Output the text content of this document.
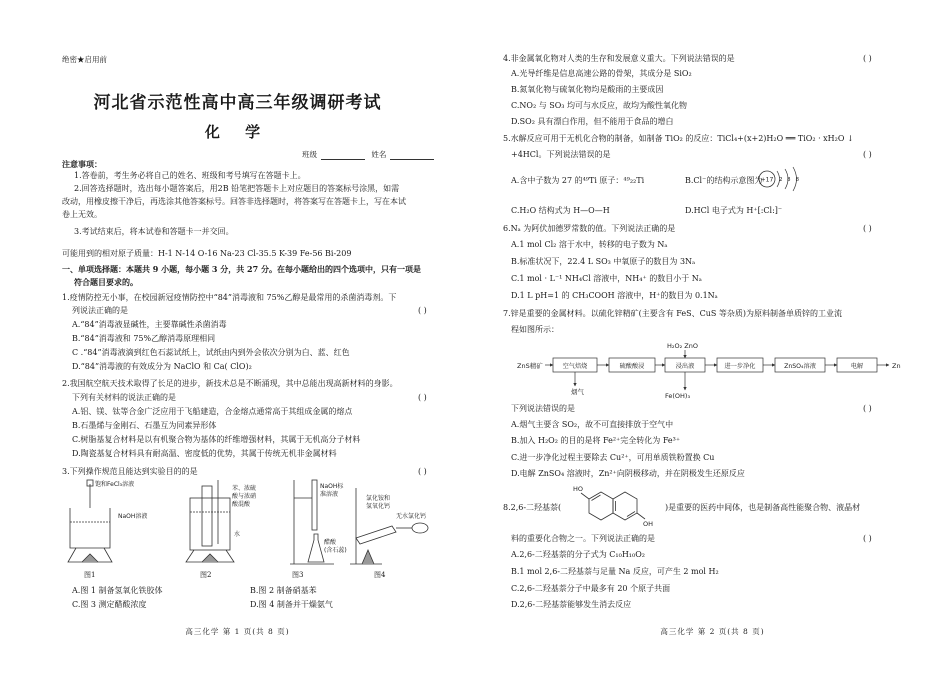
绝密★启用前
河北省示范性高中高三年级调研考试
化 学
班级	姓名
注意事项：
1.答卷前，考生务必将自己的姓名、班级和考号填写在答题卡上。
2.回答选择题时，选出每小题答案后，用2B 铅笔把答题卡上对应题目的答案标号涂黑，如需
改动，用橡皮擦干净后，再选涂其他答案标号。回答非选择题时，将答案写在答题卡上，写在本试
卷上无效。
3.考试结束后，将本试卷和答题卡一并交回。
可能用到的相对原子质量：H-1 N-14 O-16 Na-23 Cl-35.5 K-39 Fe-56 Bi-209
一、单项选择题：本题共 9 小题，每小题 3 分，共 27 分。在每小题给出的四个选项中，只有一项是
符合题目要求的。
1.疫情防控无小事，在校园新冠疫情防控中“84”消毒液和 75%乙醇是最常用的杀菌消毒剂。下
列说法正确的是	( )
A.“84”消毒液显碱性，主要靠碱性杀菌消毒
B.“84”消毒液和 75%乙醇消毒原理相同
C .“84”消毒液滴到红色石蕊试纸上，试纸由内到外会依次分别为白、蓝、红色
D.“84”消毒液的有效成分为 NaClO 和 Ca( ClO)₂
2.我国航空航天技术取得了长足的进步，新技术总是不断涌现，其中总能出现高新材料的身影。
下列有关材料的说法正确的是	( )
A.铝、镁、钛等合金广泛应用于飞船建造，合金熔点通常高于其组成金属的熔点
B.石墨烯与金刚石、石墨互为同素异形体
C.树脂基复合材料是以有机聚合物为基体的纤维增强材料，其属于无机高分子材料
D.陶瓷基复合材料具有耐高温、密度低的优势，其属于传统无机非金属材料
3.下列操作规范且能达到实验目的的是	( )
饱和FeCl₃溶液
NaOH溶液
苯、浓硫
酸与浓硝
酸混酸
水
NaOH标
准溶液
醋酸
(含石蕊)
氯化铵和
氢氧化钙
无水氯化钙
图1	图2	图3	图4
A.图 1 制备氢氧化铁胶体	B.图 2 制备硝基苯
C.图 3 测定醋酸浓度	D.图 4 制备并干燥氨气
高三化学 第 1 页(共 8 页)
4.非金属氧化物对人类的生存和发展意义重大。下列说法错误的是	( )
A.光导纤维是信息高速公路的骨架，其成分是 SiO₂
B.氮氧化物与硫氧化物均是酸雨的主要成因
C.NO₂ 与 SO₃ 均可与水反应，故均为酸性氧化物
D.SO₂ 具有漂白作用，但不能用于食品的增白
5.水解反应可用于无机化合物的制备，如制备 TiO₂ 的反应：TiCl₄+(x+2)H₂O ══ TiO₂ · xH₂O ↓
+4HCl。下列说法错误的是	( )
A.含中子数为 27 的⁴⁹Ti 原子：⁴⁹₂₂Ti	B.Cl⁻的结构示意图为
+17 2 8 8
C.H₂O 结构式为 H—O—H	D.HCl 电子式为 H⁺[:Cl:]⁻
6.Nₐ 为阿伏加德罗常数的值。下列说法正确的是	( )
A.1 mol Cl₂ 溶于水中，转移的电子数为 Nₐ
B.标准状况下，22.4 L SO₃ 中氧原子的数目为 3Nₐ
C.1 mol · L⁻¹ NH₄Cl 溶液中，NH₄⁺ 的数目小于 Nₐ
D.1 L pH=1 的 CH₃COOH 溶液中，H⁺的数目为 0.1Nₐ
7.锌是重要的金属材料。以硫化锌精矿(主要含有 FeS、CuS 等杂质)为原料制备单质锌的工业流
程如图所示：
ZnS精矿
H₂O₂ ZnO
烟气	Fe(OH)₃
Zn
空气焙烧	硫酸酸浸	浸出液	进一步净化	ZnSO₄溶液	电解
下列说法错误的是	( )
A.烟气主要含 SO₂，故不可直接排放于空气中
B.加入 H₂O₂ 的目的是将 Fe²⁺完全转化为 Fe³⁺
C.进一步净化过程主要除去 Cu²⁺，可用单质铁粉置换 Cu
D.电解 ZnSO₄ 溶液时，Zn²⁺向阴极移动，并在阴极发生还原反应
8.2,6-二羟基萘(
HO
OH
)是重要的医药中间体，也是制备高性能聚合物、液晶材
料的重要化合物之一。下列说法正确的是	( )
A.2,6-二羟基萘的分子式为 C₁₀H₁₀O₂
B.1 mol 2,6-二羟基萘与足量 Na 反应，可产生 2 mol H₂
C.2,6-二羟基萘分子中最多有 20 个原子共面
D.2,6-二羟基萘能够发生消去反应
高三化学 第 2 页(共 8 页)
